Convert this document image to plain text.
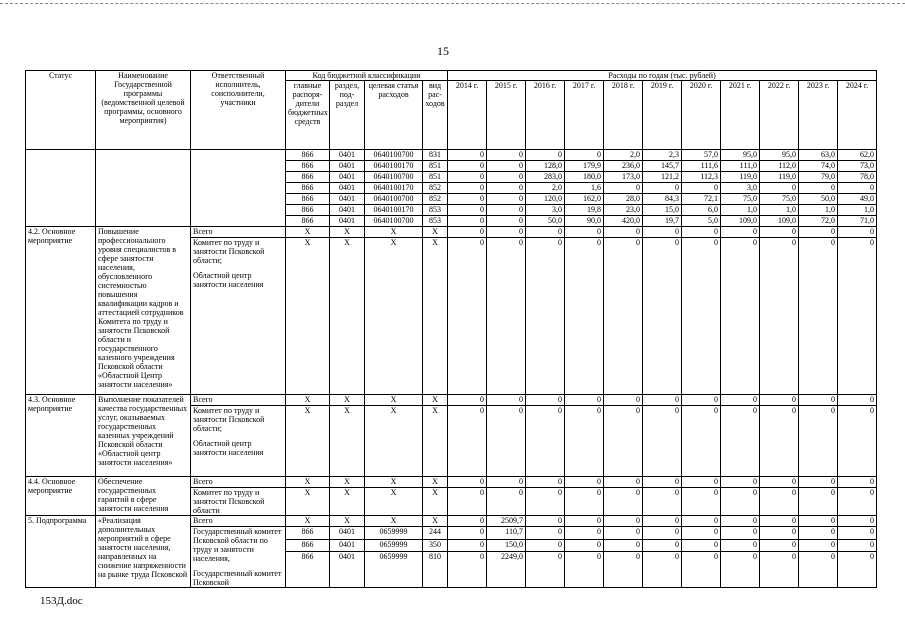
15
Статус	Наименование Государственной программы (ведомственной целевой программы, основного мероприятия)	Ответственный исполнитель, соисполнители, участники	Код бюджетной классификации				Расходы по годам (тыс. рублей)										
			главные распоря-дители бюджетных средств	раздел, под-раздел	целевая статья расходов	вид рас-ходов	2014 г.	2015 г.	2016 г.	2017 г.	2018 г.	2019 г.	2020 г.	2021 г.	2022 г.	2023 г.	2024 г.
			866	0401	0640100700	831	0	0	0	0	2,0	2,3	57,0	95,0	95,0	63,0	62,0
			866	0401	0640100170	851	0	0	128,0	179,9	236,0	145,7	111,6	111,0	112,0	74,0	73,0
			866	0401	0640100700	851	0	0	283,0	180,0	173,0	121,2	112,3	119,0	119,0	79,0	78,0
			866	0401	0640100170	852	0	0	2,0	1,6	0	0	0	3,0	0	0	0
			866	0401	0640100700	852	0	0	120,0	162,0	28,0	84,3	72,1	75,0	75,0	50,0	49,0
			866	0401	0640100170	853	0	0	3,0	19,8	23,0	15,0	6,0	1,0	1,0	1,0	1,0
			866	0401	0640100700	853	0	0	50,0	90,0	420,0	19,7	5,0	109,0	109,0	72,0	71,0
4.2. Основное мероприятие	Повышение профессионального уровня специалистов в сфере занятости населения, обусловленного системностью повышения квалификации кадров и аттестацией сотрудников Комитета по труду и занятости Псковской области и государственного казенного учреждения Псковской области «Областной Центр занятости населения»	Всего	X	X	X	X	0	0	0	0	0	0	0	0	0	0	0
		Комитет по труду и занятости Псковской области;
Областной центр занятости населения	X	X	X	X	0	0	0	0	0	0	0	0	0	0	0
4.3. Основное мероприятие	Выполнение показателей качества государственных услуг, оказываемых государственных казенных учреждений Псковской области «Областной центр занятости населения»	Всего	X	X	X	X	0	0	0	0	0	0	0	0	0	0	0
		Комитет по труду и занятости Псковской области;
Областной центр занятости населения	X	X	X	X	0	0	0	0	0	0	0	0	0	0	0
4.4. Основное мероприятие	Обеспечение государственных гарантий в сфере занятости населения	Всего	X	X	X	X	0	0	0	0	0	0	0	0	0	0	0
		Комитет по труду и занятости Псковской области	X	X	X	X	0	0	0	0	0	0	0	0	0	0	0
5. Подпрограмма	«Реализация дополнительных мероприятий в сфере занятости населения, направленных на снижение напряженности на рынке труда Псковской	Всего	X	X	X	X	0	2509,7	0	0	0	0	0	0	0	0	0
		Государственный комитет Псковской области по труду и занятости населения,
Государственный комитет Псковской	866	0401	0659999	244	0	110,7	0	0	0	0	0	0	0	0	0
			866	0401	0659999	350	0	150,0	0	0	0	0	0	0	0	0	0
			866	0401	0659999	810	0	2249,0	0	0	0	0	0	0	0	0	0
153Д.doc
